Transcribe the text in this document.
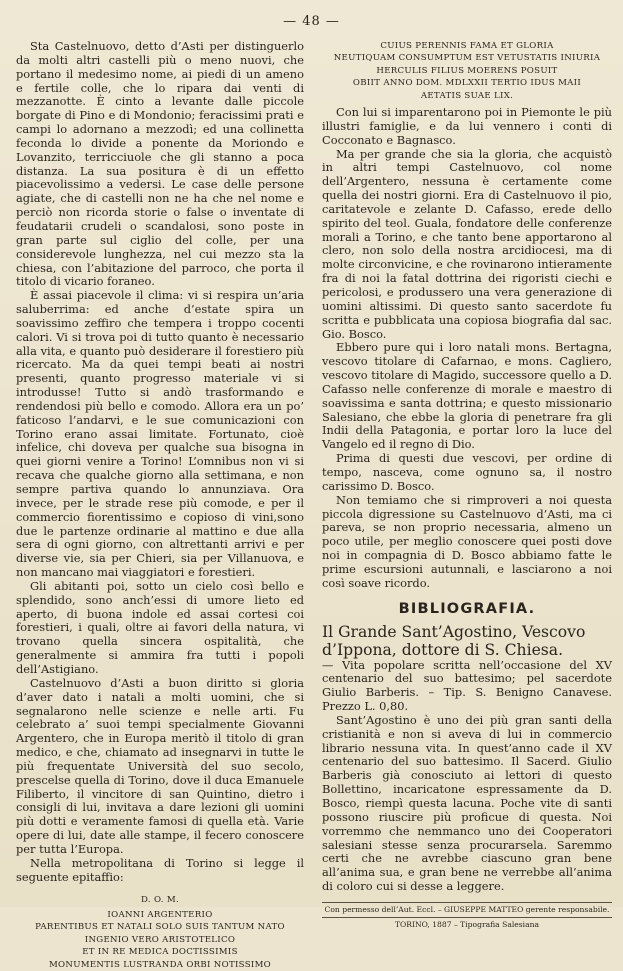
— 48 —

Sta Castelnuovo, detto d’Asti per distinguerlo da molti altri castelli più o meno nuovi, che portano il medesimo nome, ai piedi di un ameno e fertile colle, che lo ripara dai venti di mezzanotte. È cinto a levante dalle piccole borgate di Pino e di Mondonio; feracissimi prati e campi lo adornano a mezzodì; ed una collinetta feconda lo divide a ponente da Moriondo e Lovanzito, terricciuole che gli stanno a poca distanza. La sua positura è di un effetto piacevolissimo a vedersi. Le case delle persone agiate, che di castelli non ne ha che nel nome e perciò non ricorda storie o false o inventate di feudatarii crudeli o scandalosi, sono poste in gran parte sul ciglio del colle, per una considerevole lunghezza, nel cui mezzo sta la chiesa, con l’abitazione del parroco, che porta il titolo di vicario foraneo.

È assai piacevole il clima: vi si respira un’aria saluberrima: ed anche d’estate spira un soavissimo zeffiro che tempera i troppo cocenti calori. Vi si trova poi di tutto quanto è necessario alla vita, e quanto può desiderare il forestiero più ricercato. Ma da quei tempi beati ai nostri presenti, quanto progresso materiale vi si introdusse! Tutto si andò trasformando e rendendosi più bello e comodo. Allora era un po’ faticoso l’andarvi, e le sue comunicazioni con Torino erano assai limitate. Fortunato, cioè infelice, chi doveva per qualche sua bisogna in quei giorni venire a Torino! L’omnibus non vi si recava che qualche giorno alla settimana, e non sempre partiva quando lo annunziava. Ora invece, per le strade rese più comode, e per il commercio fiorentissimo e copioso di vini,sono due le partenze ordinarie al mattino e due alla sera di ogni giorno, con altrettanti arrivi e per diverse vie, sia per Chieri, sia per Villanuova, e non mancano mai viaggiatori e forestieri.

Gli abitanti poi, sotto un cielo così bello e splendido, sono anch’essi di umore lieto ed aperto, di buona indole ed assai cortesi coi forestieri, i quali, oltre ai favori della natura, vi trovano quella sincera ospitalità, che generalmente si ammira fra tutti i popoli dell’Astigiano.

Castelnuovo d’Asti a buon diritto si gloria d’aver dato i natali a molti uomini, che si segnalarono nelle scienze e nelle arti. Fu celebrato a’ suoi tempi specialmente Giovanni Argentero, che in Europa meritò il titolo di gran medico, e che, chiamato ad insegnarvi in tutte le più frequentate Università del suo secolo, prescelse quella di Torino, dove il duca Emanuele Filiberto, il vincitore di san Quintino, dietro i consigli di lui, invitava a dare lezioni gli uomini più dotti e veramente famosi di quella età. Varie opere di lui, date alle stampe, il fecero conoscere per tutta l’Europa.

Nella metropolitana di Torino si legge il seguente epitaffio:

D. O. M.
IOANNI ARGENTERIO
PARENTIBUS ET NATALI SOLO SUIS TANTUM NATO
INGENIO VERO ARISTOTELICO
ET IN RE MEDICA DOCTISSIMIS
MONUMENTIS LUSTRANDA ORBI NOTISSIMO
CUIUS PERENNIS FAMA ET GLORIA
NEUTIQUAM CONSUMPTUM EST VETUSTATIS INIURIA
HERCULIS FILIUS MOERENS POSUIT
OBIIT ANNO DOM. MDLXXII TERTIO IDUS MAII
AETATIS SUAE LIX.

Con lui si imparentarono poi in Piemonte le più illustri famiglie, e da lui vennero i conti di Cocconato e Bagnasco.

Ma per grande che sia la gloria, che acquistò in altri tempi Castelnuovo, col nome dell’Argentero, nessuna è certamente come quella dei nostri giorni. Era di Castelnuovo il pio, caritatevole e zelante D. Cafasso, erede dello spirito del teol. Guala, fondatore delle conferenze morali a Torino, e che tanto bene apportarono al clero, non solo della nostra arcidiocesi, ma di molte circonvicine, e che rovinarono intieramente fra di noi la fatal dottrina dei rigoristi ciechi e pericolosi, e produssero una vera generazione di uomini altissimi. Di questo santo sacerdote fu scritta e pubblicata una copiosa biografia dal sac. Gio. Bosco.

Ebbero pure qui i loro natali mons. Bertagna, vescovo titolare di Cafarnao, e mons. Cagliero, vescovo titolare di Magido, successore quello a D. Cafasso nelle conferenze di morale e maestro di soavissima e santa dottrina; e questo missionario Salesiano, che ebbe la gloria di penetrare fra gli Indii della Patagonia, e portar loro la luce del Vangelo ed il regno di Dio.

Prima di questi due vescovi, per ordine di tempo, nasceva, come ognuno sa, il nostro carissimo D. Bosco.

Non temiamo che si rimproveri a noi questa piccola digressione su Castelnuovo d’Asti, ma ci pareva, se non proprio necessaria, almeno un poco utile, per meglio conoscere quei posti dove noi in compagnia di D. Bosco abbiamo fatte le prime escursioni autunnali, e lasciarono a noi così soave ricordo.

BIBLIOGRAFIA.
Il Grande Sant’Agostino, Vescovo d’Ippona, dottore di S. Chiesa.

— Vita popolare scritta nell’occasione del XV centenario del suo battesimo; pel sacerdote Giulio Barberis. – Tip. S. Benigno Canavese. Prezzo L. 0,80.

Sant’Agostino è uno dei più gran santi della cristianità e non si aveva di lui in commercio librario nessuna vita. In quest’anno cade il XV centenario del suo battesimo. Il Sacerd. Giulio Barberis già conosciuto ai lettori di questo Bollettino, incaricatone espressamente da D. Bosco, riempì questa lacuna. Poche vite di santi possono riuscire più proficue di questa. Noi vorremmo che nemmanco uno dei Cooperatori salesiani stesse senza procurarsela. Saremmo certi che ne avrebbe ciascuno gran bene all’anima sua, e gran bene ne verrebbe all’anima di coloro cui si desse a leggere.

Con permesso dell’Aut. Eccl. – GIUSEPPE MATTEO gerente responsabile.
TORINO, 1887 – Tipografia Salesiana
